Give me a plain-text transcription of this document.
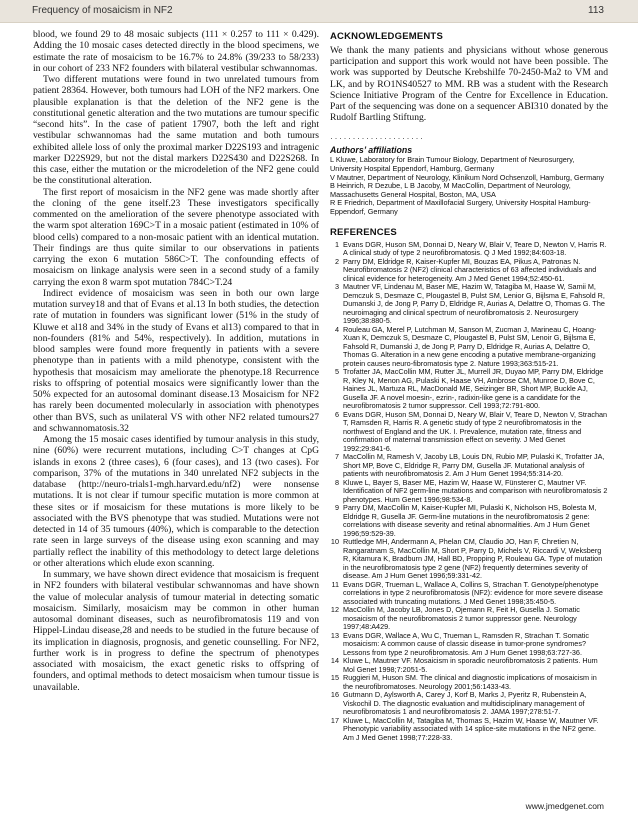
Frequency of mosaicism in NF2	113

blood, we found 29 to 48 mosaic subjects (111 × 0.257 to 111 × 0.429). Adding the 10 mosaic cases detected directly in the blood specimens, we estimate the rate of mosaicism to be 16.7% to 24.8% (39/233 to 58/233) in our cohort of 233 NF2 founders with bilateral vestibular schwannomas.

Two different mutations were found in two unrelated tumours from patient 28364. However, both tumours had LOH of the NF2 markers. One plausible explanation is that the deletion of the NF2 gene is the constitutional genetic alteration and the two mutations are tumour specific “second hits”. In the case of patient 17907, both the left and right vestibular schwannomas had the same mutation and both tumours exhibited allele loss of only the proximal marker D22S193 and intragenic marker D22S929, but not the distal markers D22S430 and D22S268. In this case, either the mutation or the microdeletion of the NF2 gene could be the constitutional alteration.

The first report of mosaicism in the NF2 gene was made shortly after the cloning of the gene itself.23 These investigators specifically commented on the amelioration of the severe phenotype associated with the warm spot alteration 169C>T in a mosaic patient (estimated in 10% of blood cells) compared to a non-mosaic patient with an identical mutation. Their findings are thus quite similar to our observations in patients carrying the exon 6 mutation 586C>T. The confounding effects of mosaicism on linkage analysis were seen in a second study of a family carrying the exon 8 warm spot mutation 784C>T.24

Indirect evidence of mosaicism was seen in both our own large mutation survey18 and that of Evans et al.13 In both studies, the detection rate of mutation in founders was significant lower (51% in the study of Kluwe et al18 and 34% in the study of Evans et al13) compared to that in non-founders (81% and 54%, respectively). In addition, mutations in blood samples were found more frequently in patients with a severe phenotype than in patients with a mild phenotype, consistent with the hypothesis that mosaicism may ameliorate the phenotype.18 Recurrence risks to offspring of potential mosaics were significantly lower than the 50% expected for an autosomal dominant disease.13 Mosaicism for NF2 has rarely been documented molecularly in association with phenotypes other than BVS, such as unilateral VS with other NF2 related tumours27 and schwannomatosis.32

Among the 15 mosaic cases identified by tumour analysis in this study, nine (60%) were recurrent mutations, including C>T changes at CpG islands in exons 2 (three cases), 6 (four cases), and 13 (two cases). For comparison, 37% of the mutations in 340 unrelated NF2 subjects in the database (http://neuro-trials1-mgh.harvard.edu/nf2) were nonsense mutations. It is not clear if tumour specific mutation is more common at these sites or if mosaicism for these mutations is more likely to be associated with the BVS phenotype that was studied. Mutations were not detected in 14 of 35 tumours (40%), which is comparable to the detection rate seen in large surveys of the disease using exon scanning and may partially reflect the inability of this methodology to detect large deletions or other alterations which elude exon scanning.

In summary, we have shown direct evidence that mosaicism is frequent in NF2 founders with bilateral vestibular schwannomas and have shown the value of molecular analysis of tumour material in detecting somatic mosaicism. Similarly, mosaicism may be common in other human autosomal dominant diseases, such as neurofibromatosis 119 and von Hippel-Lindau disease,28 and needs to be studied in the future because of its implication in diagnosis, prognosis, and genetic counselling. For NF2, further work is in progress to define the spectrum of phenotypes associated with mosaicism, the exact genetic risks to offspring of founders, and optimal methods to detect mosaicism when tumour tissue is unavailable.

ACKNOWLEDGEMENTS

We thank the many patients and physicians without whose generous participation and support this work would not have been possible. The work was supported by Deutsche Krebshilfe 70-2450-Ma2 to VM and LK, and by RO1NS40527 to MM. RB was a student with the Research Science Initiative Program of the Centre for Excellence in Education. Part of the sequencing was done on a sequencer ABI310 donated by the Rudolf Bartling Stiftung.

·····················
Authors’ affiliations

L Kluwe, Laboratory for Brain Tumour Biology, Department of Neurosurgery, University Hospital Eppendorf, Hamburg, Germany

V Mautner, Department of Neurology, Klinikum Nord Ochsenzoll, Hamburg, Germany

B Heinrich, R Dezube, L B Jacoby, M MacCollin, Department of Neurology, Massachusetts General Hospital, Boston, MA, USA

R E Friedrich, Department of Maxillofacial Surgery, University Hospital Hamburg-Eppendorf, Germany

REFERENCES

1 Evans DGR, Huson SM, Donnai D, Neary W, Blair V, Teare D, Newton V, Harris R. A clinical study of type 2 neurofibromatosis. Q J Med 1992;84:603-18.

2 Parry DM, Eldridge R, Kaiser-Kupfer MI, Bouzas EA, Pikus A, Patronas N. Neurofibromatosis 2 (NF2) clinical characteristics of 63 affected individuals and clinical evidence for heterogeneity. Am J Med Genet 1994;52:450-61.

3 Mautner VF, Lindenau M, Baser ME, Hazim W, Tatagiba M, Haase W, Samii M, Demczuk S, Desmaze C, Plougastel B, Pulst SM, Lenior G, Bijlsma E, Fahsold R, Dumanski J, de Jong P, Parry D, Eldridge R, Aurias A, Delattre O, Thomas G. The neuroimaging and clinical spectrum of neurofibromatosis 2. Neurosurgery 1996;38:880-5.

4 Rouleau GA, Merel P, Lutchman M, Sanson M, Zucman J, Marineau C, Hoang-Xuan K, Demczuk S, Desmaze C, Plougastel B, Pulst SM, Lenoir G, Bijlsma E, Fahsold R, Dumanski J, de Jong P, Parry D, Eldridge R, Aurias A, Delattre O, Thomas G. Alteration in a new gene encoding a putative membrane-organizing protein causes neuro-fibromatosis type 2. Nature 1993;363:515-21.

5 Trofatter JA, MacCollin MM, Rutter JL, Murrell JR, Duyao MP, Parry DM, Eldridge R, Kley N, Menon AG, Pulaski K, Haase VH, Ambrose CM, Munroe D, Bove C, Haines JL, Martuza RL, MacDonald ME, Seizinger BR, Short MP, Buckle AJ, Gusella JF. A novel moesin-, ezrin-, radixin-like gene is a candidate for the neurofibromatosis 2 tumor suppressor. Cell 1993;72:791-800.

6 Evans DGR, Huson SM, Donnai D, Neary W, Blair V, Teare D, Newton V, Strachan T, Ramsden R, Harris R. A genetic study of type 2 neurofibromatosis in the northwest of England and the UK. I. Prevalence, mutation rate, fitness and confirmation of maternal transmission effect on severity. J Med Genet 1992;29:841-6.

7 MacCollin M, Ramesh V, Jacoby LB, Louis DN, Rubio MP, Pulaski K, Trofatter JA, Short MP, Bove C, Eldridge R, Parry DM, Gusella JF. Mutational analysis of patients with neurofibromatosis 2. Am J Hum Genet 1994;55:314-20.

8 Kluwe L, Bayer S, Baser ME, Hazim W, Haase W, Fünsterer C, Mautner VF. Identification of NF2 germ-line mutations and comparison with neurofibromatosis 2 phenotypes. Hum Genet 1996;98:534-8.

9 Parry DM, MacCollin M, Kaiser-Kupfer MI, Pulaski K, Nicholson HS, Bolesta M, Eldridge R, Gusella JF. Germ-line mutations in the neurofibromatosis 2 gene: correlations with disease severity and retinal abnormalities. Am J Hum Genet 1996;59:529-39.

10 Ruttledge MH, Andermann A, Phelan CM, Claudio JO, Han F, Chretien N, Rangaratnam S, MacCollin M, Short P, Parry D, Michels V, Riccardi V, Weksberg R, Kitamura K, Bradburn JM, Hall BD, Propping P, Rouleau GA. Type of mutation in the neurofibromatosis type 2 gene (NF2) frequently determines severity of disease. Am J Hum Genet 1996;59:331-42.

11 Evans DGR, Trueman L, Wallace A, Collins S, Strachan T. Genotype/phenotype correlations in type 2 neurofibromatosis (NF2): evidence for more severe disease associated with truncating mutations. J Med Genet 1998;35:450-5.

12 MacCollin M, Jacoby LB, Jones D, Ojemann R, Feit H, Gusella J. Somatic mosaicism of the neurofibromatosis 2 tumor suppressor gene. Neurology 1997;48:A429.

13 Evans DGR, Wallace A, Wu C, Trueman L, Ramsden R, Strachan T. Somatic mosaicism: A common cause of classic disease in tumor-prone syndromes? Lessons from type 2 neurofibromatosis. Am J Hum Genet 1998;63:727-36.

14 Kluwe L, Mautner VF. Mosaicism in sporadic neurofibromatosis 2 patients. Hum Mol Genet 1998;7:2051-5.

15 Ruggieri M, Huson SM. The clinical and diagnostic implications of mosaicism in the neurofibromatoses. Neurology 2001;56:1433-43.

16 Gutmann D, Aylsworth A, Carey J, Korf B, Marks J, Pyeritz R, Rubenstein A, Viskochil D. The diagnostic evaluation and multidisciplinary management of neurofibromatosis 1 and neurofibromatosis 2. JAMA 1997;278:51-7.

17 Kluwe L, MacCollin M, Tatagiba M, Thomas S, Hazim W, Haase W, Mautner VF. Phenotypic variability associated with 14 splice-site mutations in the NF2 gene. Am J Med Genet 1998;77:228-33.

www.jmedgenet.com
